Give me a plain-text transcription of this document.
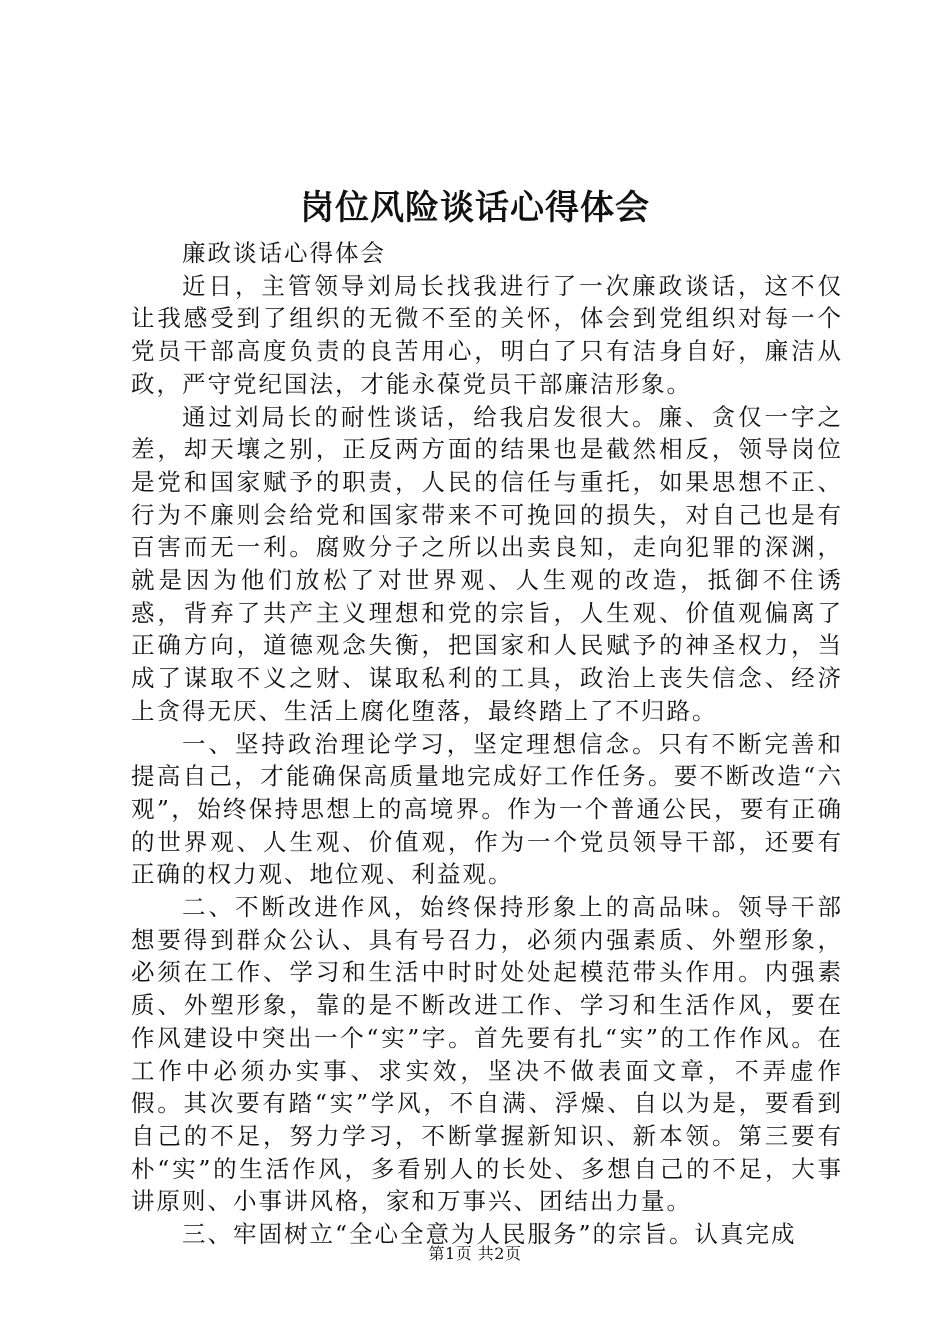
岗位风险谈话心得体会

廉政谈话心得体会

近日，主管领导刘局长找我进行了一次廉政谈话，这不仅让我感受到了组织的无微不至的关怀，体会到党组织对每一个党员干部高度负责的良苦用心，明白了只有洁身自好，廉洁从政，严守党纪国法，才能永葆党员干部廉洁形象。

通过刘局长的耐性谈话，给我启发很大。廉、贪仅一字之差，却天壤之别，正反两方面的结果也是截然相反，领导岗位是党和国家赋予的职责，人民的信任与重托，如果思想不正、行为不廉则会给党和国家带来不可挽回的损失，对自己也是有百害而无一利。腐败分子之所以出卖良知，走向犯罪的深渊，就是因为他们放松了对世界观、人生观的改造，抵御不住诱惑，背弃了共产主义理想和党的宗旨，人生观、价值观偏离了正确方向，道德观念失衡，把国家和人民赋予的神圣权力，当成了谋取不义之财、谋取私利的工具，政治上丧失信念、经济上贪得无厌、生活上腐化堕落，最终踏上了不归路。

一、坚持政治理论学习，坚定理想信念。只有不断完善和提高自己，才能确保高质量地完成好工作任务。要不断改造“六观”，始终保持思想上的高境界。作为一个普通公民，要有正确的世界观、人生观、价值观，作为一个党员领导干部，还要有正确的权力观、地位观、利益观。

二、不断改进作风，始终保持形象上的高品味。领导干部想要得到群众公认、具有号召力，必须内强素质、外塑形象，必须在工作、学习和生活中时时处处起模范带头作用。内强素质、外塑形象，靠的是不断改进工作、学习和生活作风，要在作风建设中突出一个“实”字。首先要有扎“实”的工作作风。在工作中必须办实事、求实效，坚决不做表面文章，不弄虚作假。其次要有踏“实”学风，不自满、浮燥、自以为是，要看到自己的不足，努力学习，不断掌握新知识、新本领。第三要有朴“实”的生活作风，多看别人的长处、多想自己的不足，大事讲原则、小事讲风格，家和万事兴、团结出力量。

三、牢固树立“全心全意为人民服务”的宗旨。认真完成

第1页 共2页
